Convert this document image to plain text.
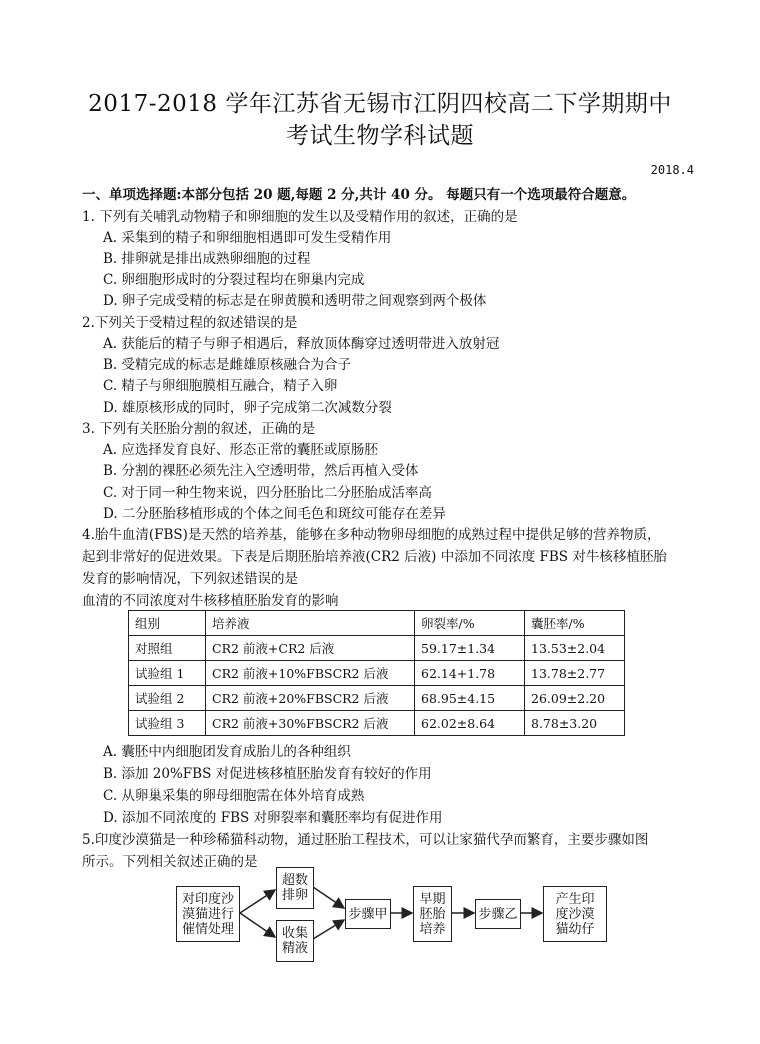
2017-2018 学年江苏省无锡市江阴四校高二下学期期中
考试生物学科试题
2018.4
一、单项选择题:本部分包括 20 题,每题 2 分,共计 40 分。 每题只有一个选项最符合题意。
1. 下列有关哺乳动物精子和卵细胞的发生以及受精作用的叙述，正确的是
A. 采集到的精子和卵细胞相遇即可发生受精作用
B. 排卵就是排出成熟卵细胞的过程
C. 卵细胞形成时的分裂过程均在卵巢内完成
D. 卵子完成受精的标志是在卵黄膜和透明带之间观察到两个极体
2.下列关于受精过程的叙述错误的是
A. 获能后的精子与卵子相遇后，释放顶体酶穿过透明带进入放射冠
B. 受精完成的标志是雌雄原核融合为合子
C. 精子与卵细胞膜相互融合，精子入卵
D. 雄原核形成的同时，卵子完成第二次减数分裂
3. 下列有关胚胎分割的叙述，正确的是
A. 应选择发育良好、形态正常的囊胚或原肠胚
B. 分割的裸胚必须先注入空透明带，然后再植入受体
C. 对于同一种生物来说，四分胚胎比二分胚胎成活率高
D. 二分胚胎移植形成的个体之间毛色和斑纹可能存在差异
4.胎牛血清(FBS)是天然的培养基，能够在多种动物卵母细胞的成熟过程中提供足够的营养物质，
起到非常好的促进效果。下表是后期胚胎培养液(CR2 后液) 中添加不同浓度 FBS 对牛核移植胚胎
发育的影响情况，下列叙述错误的是
血清的不同浓度对牛核移植胚胎发育的影响
组别	培养液	卵裂率/%	囊胚率/%
对照组	CR2 前液+CR2 后液	59.17±1.34	13.53±2.04
试验组 1	CR2 前液+10%FBSCR2 后液	62.14+1.78	13.78±2.77
试验组 2	CR2 前液+20%FBSCR2 后液	68.95±4.15	26.09±2.20
试验组 3	CR2 前液+30%FBSCR2 后液	62.02±8.64	8.78±3.20
A. 囊胚中内细胞团发育成胎儿的各种组织
B. 添加 20%FBS 对促进核移植胚胎发育有较好的作用
C. 从卵巢采集的卵母细胞需在体外培育成熟
D. 添加不同浓度的 FBS 对卵裂率和囊胚率均有促进作用
5.印度沙漠猫是一种珍稀猫科动物，通过胚胎工程技术，可以让家猫代孕而繁育，主要步骤如图
所示。下列相关叙述正确的是
对印度沙
漠猫进行
催情处理
超数
排卵
收集
精液
步骤甲
早期
胚胎
培养
步骤乙
产生印
度沙漠
猫幼仔
